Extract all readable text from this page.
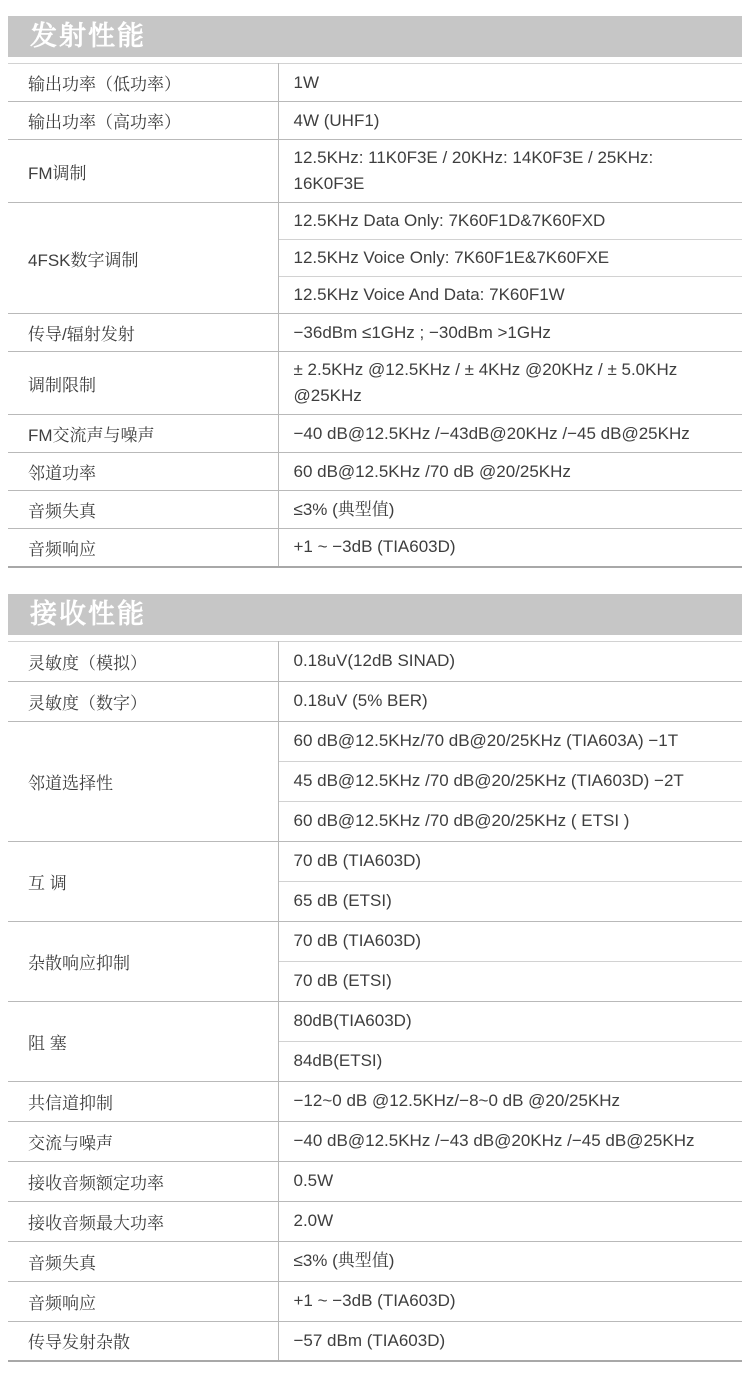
发射性能
输出功率（低功率）	1W
输出功率（高功率）	4W (UHF1)
FM调制	12.5KHz: 11K0F3E / 20KHz: 14K0F3E / 25KHz: 16K0F3E
4FSK数字调制	12.5KHz Data Only: 7K60F1D&7K60FXD
	12.5KHz Voice Only: 7K60F1E&7K60FXE
	12.5KHz Voice And Data: 7K60F1W
传导/辐射发射	−36dBm ≤1GHz ; −30dBm >1GHz
调制限制	± 2.5KHz @12.5KHz / ± 4KHz @20KHz / ± 5.0KHz @25KHz
FM交流声与噪声	−40 dB@12.5KHz /−43dB@20KHz /−45 dB@25KHz
邻道功率	60 dB@12.5KHz /70 dB @20/25KHz
音频失真	≤3% (典型值)
音频响应	+1 ~ −3dB (TIA603D)
接收性能
灵敏度（模拟）	0.18uV(12dB SINAD)
灵敏度（数字）	0.18uV (5% BER)
邻道选择性	60 dB@12.5KHz/70 dB@20/25KHz (TIA603A) −1T
	45 dB@12.5KHz /70 dB@20/25KHz (TIA603D) −2T
	60 dB@12.5KHz /70 dB@20/25KHz ( ETSI )
互 调	70 dB (TIA603D)
	65 dB (ETSI)
杂散响应抑制	70 dB (TIA603D)
	70 dB (ETSI)
阻 塞	80dB(TIA603D)
	84dB(ETSI)
共信道抑制	−12~0 dB @12.5KHz/−8~0 dB @20/25KHz
交流与噪声	−40 dB@12.5KHz /−43 dB@20KHz /−45 dB@25KHz
接收音频额定功率	0.5W
接收音频最大功率	2.0W
音频失真	≤3% (典型值)
音频响应	+1 ~ −3dB (TIA603D)
传导发射杂散	−57 dBm (TIA603D)
